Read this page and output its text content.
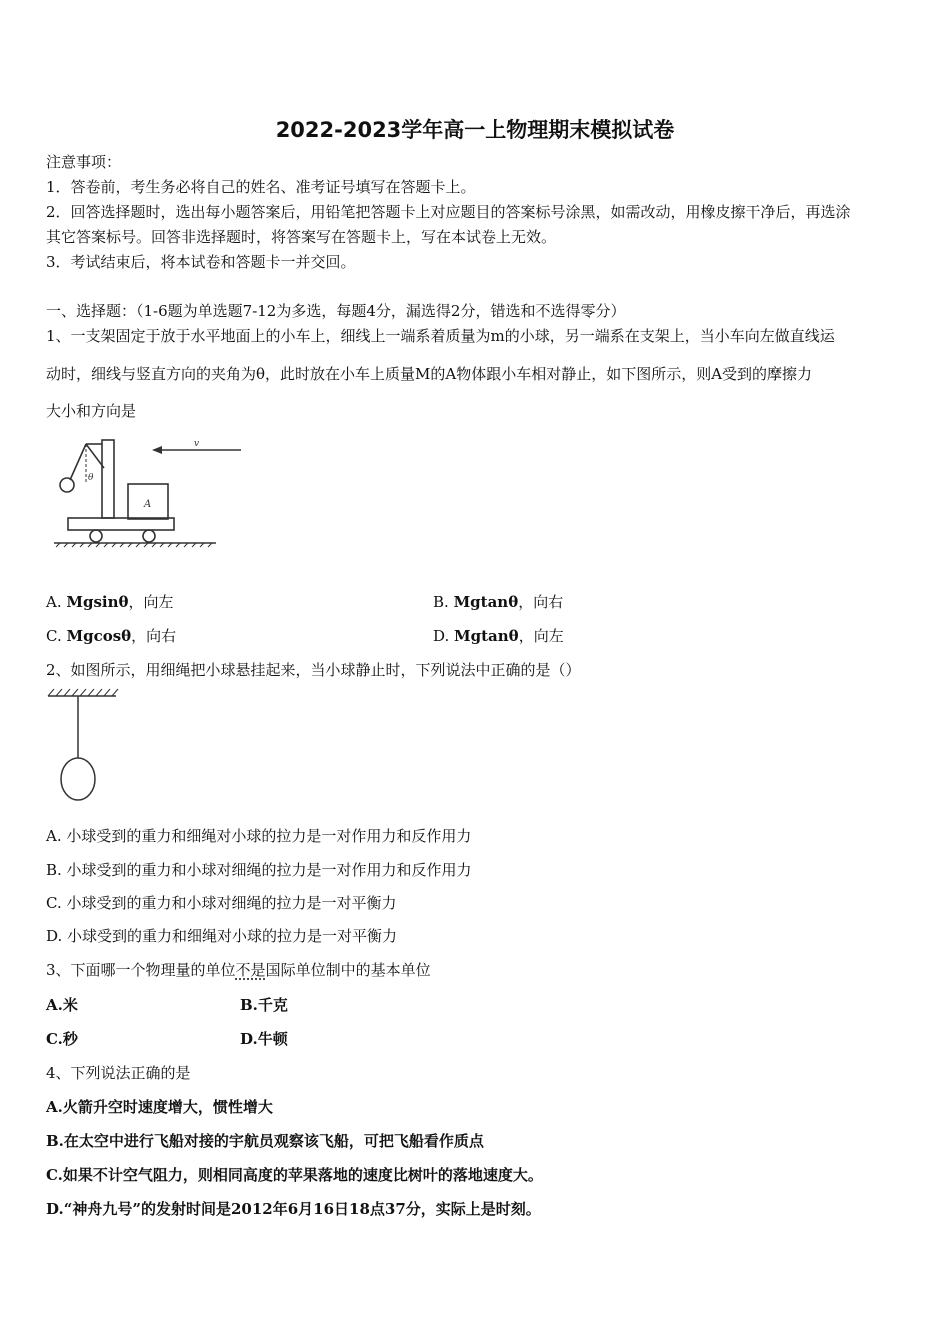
2022-2023学年高一上物理期末模拟试卷
注意事项：
1．答卷前，考生务必将自己的姓名、准考证号填写在答题卡上。
2．回答选择题时，选出每小题答案后，用铅笔把答题卡上对应题目的答案标号涂黑，如需改动，用橡皮擦干净后，再选涂
其它答案标号。回答非选择题时，将答案写在答题卡上，写在本试卷上无效。
3．考试结束后，将本试卷和答题卡一并交回。
一、选择题：（1-6题为单选题7-12为多选，每题4分，漏选得2分，错选和不选得零分）
1、一支架固定于放于水平地面上的小车上，细线上一端系着质量为m的小球，另一端系在支架上，当小车向左做直线运
动时，细线与竖直方向的夹角为θ，此时放在小车上质量M的A物体跟小车相对静止，如下图所示，则A受到的摩擦力
大小和方向是
v
θ
A
A. Mgsinθ，向左	B. Mgtanθ，向右
C. Mgcosθ，向右	D. Mgtanθ，向左
2、如图所示，用细绳把小球悬挂起来，当小球静止时，下列说法中正确的是（）
A. 小球受到的重力和细绳对小球的拉力是一对作用力和反作用力
B. 小球受到的重力和小球对细绳的拉力是一对作用力和反作用力
C. 小球受到的重力和小球对细绳的拉力是一对平衡力
D. 小球受到的重力和细绳对小球的拉力是一对平衡力
3、下面哪一个物理量的单位不是国际单位制中的基本单位
A.米	B.千克
C.秒	D.牛顿
4、下列说法正确的是
A.火箭升空时速度增大，惯性增大
B.在太空中进行飞船对接的宇航员观察该飞船，可把飞船看作质点
C.如果不计空气阻力，则相同高度的苹果落地的速度比树叶的落地速度大。
D.“神舟九号”的发射时间是2012年6月16日18点37分，实际上是时刻。
